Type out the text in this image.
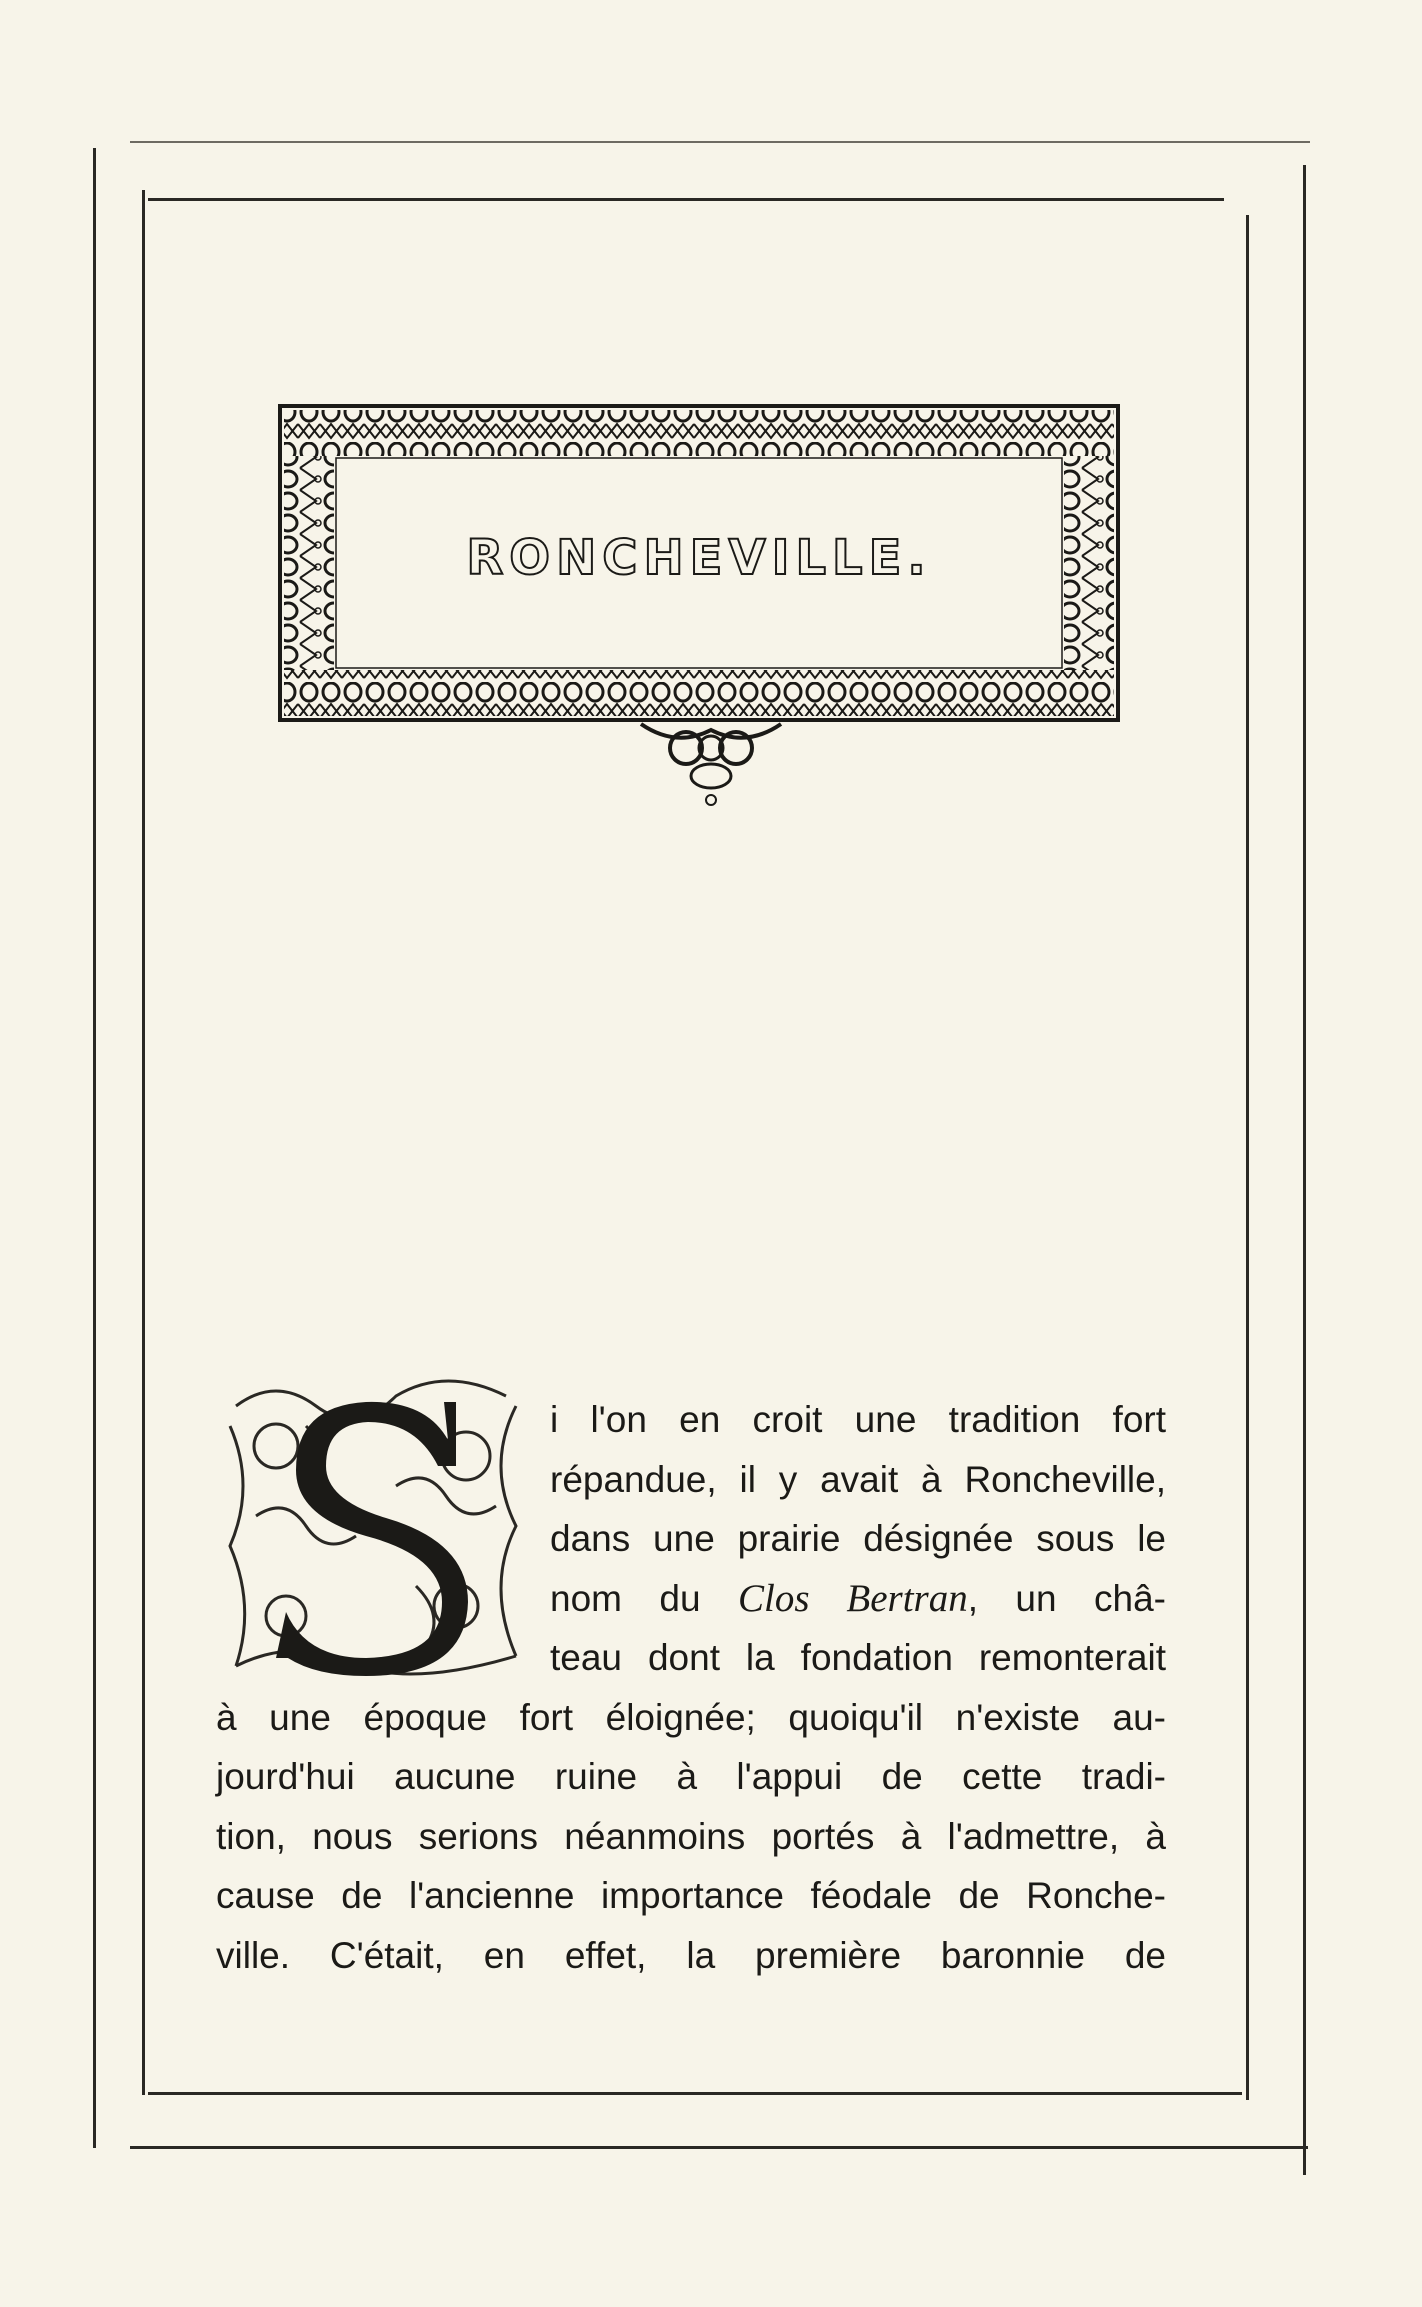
RONCHEVILLE.
i l'on en croit une tradition fort
répandue, il y avait à Roncheville,
dans une prairie désignée sous le
nom du Clos Bertran, un châ-
teau dont la fondation remonterait
à une époque fort éloignée; quoiqu'il n'existe au-
jourd'hui aucune ruine à l'appui de cette tradi-
tion, nous serions néanmoins portés à l'admettre, à
cause de l'ancienne importance féodale de Ronche-
ville. C'était, en effet, la première baronnie de
